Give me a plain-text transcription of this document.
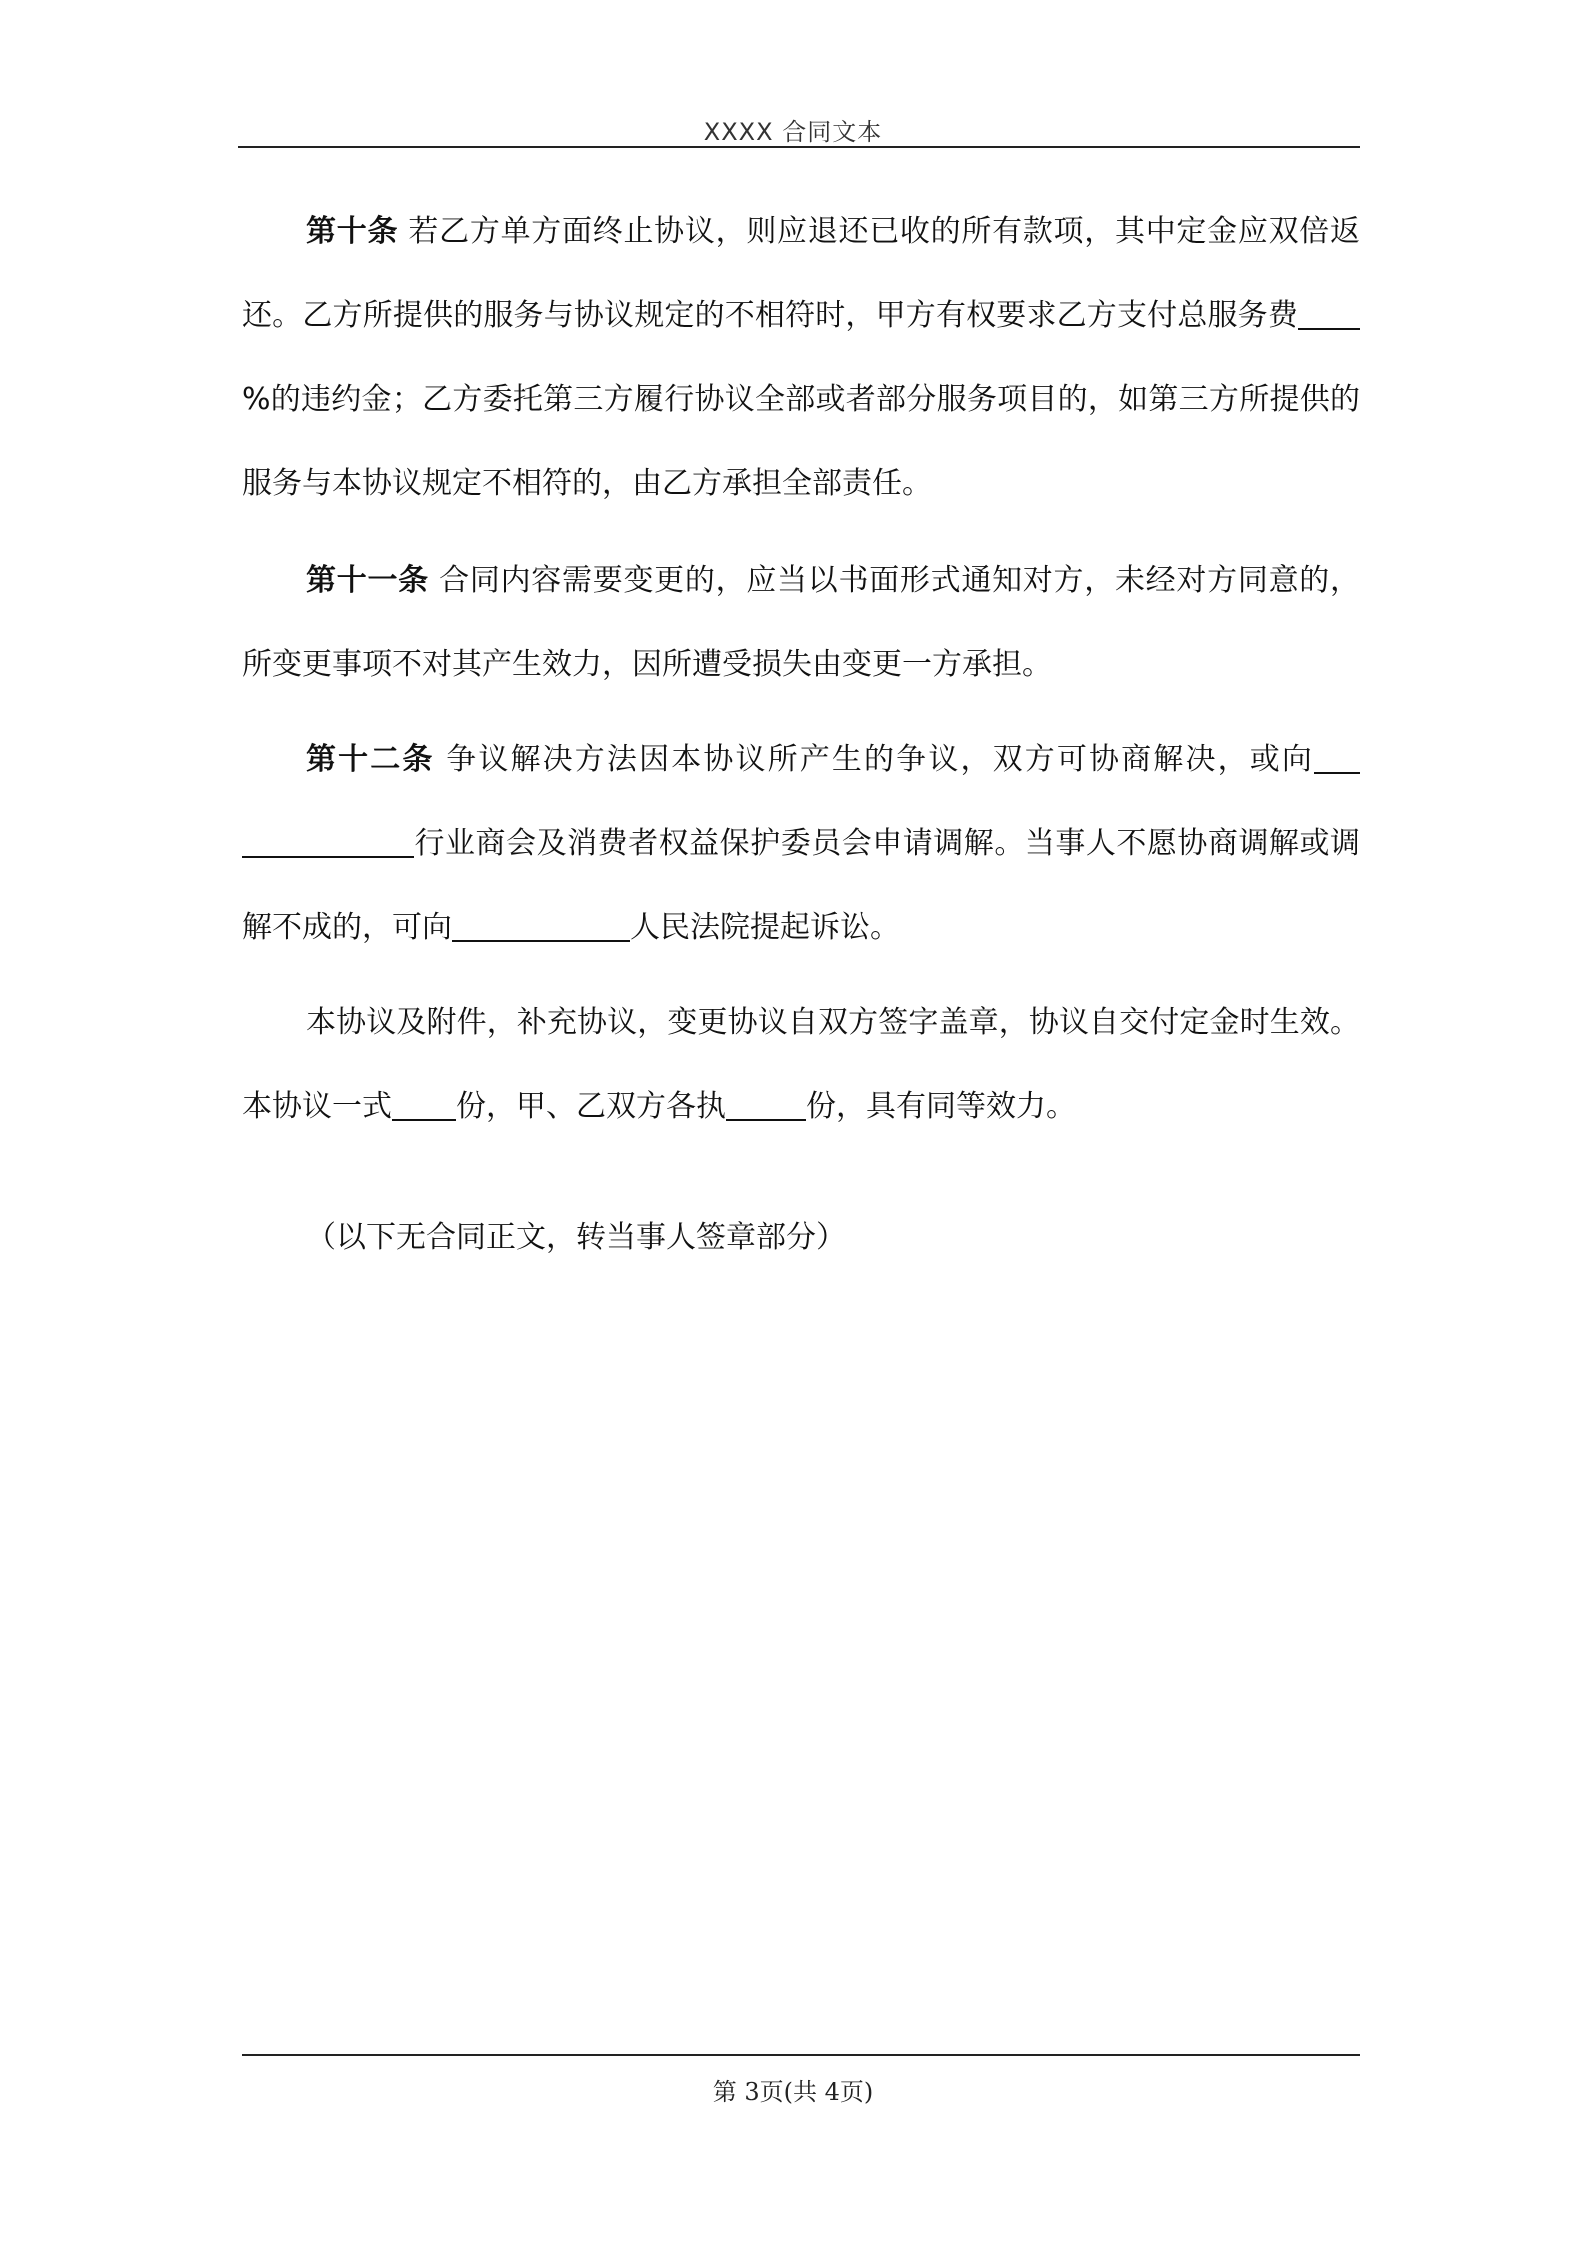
XXXX 合同文本
第十条 若乙方单方面终止协议，则应退还已收的所有款项，其中定金应双倍返还。乙方所提供的服务与协议规定的不相符时，甲方有权要求乙方支付总服务费%的违约金；乙方委托第三方履行协议全部或者部分服务项目的，如第三方所提供的服务与本协议规定不相符的，由乙方承担全部责任。
第十一条 合同内容需要变更的，应当以书面形式通知对方，未经对方同意的，所变更事项不对其产生效力，因所遭受损失由变更一方承担。
第十二条 争议解决方法因本协议所产生的争议，双方可协商解决，或向行业商会及消费者权益保护委员会申请调解。当事人不愿协商调解或调解不成的，可向	人民法院提起诉讼。
本协议及附件，补充协议，变更协议自双方签字盖章，协议自交付定金时生效。 本协议一式 份，甲、乙双方各执	份，具有同等效力。
（以下无合同正文，转当事人签章部分）
第 3页(共 4页)
